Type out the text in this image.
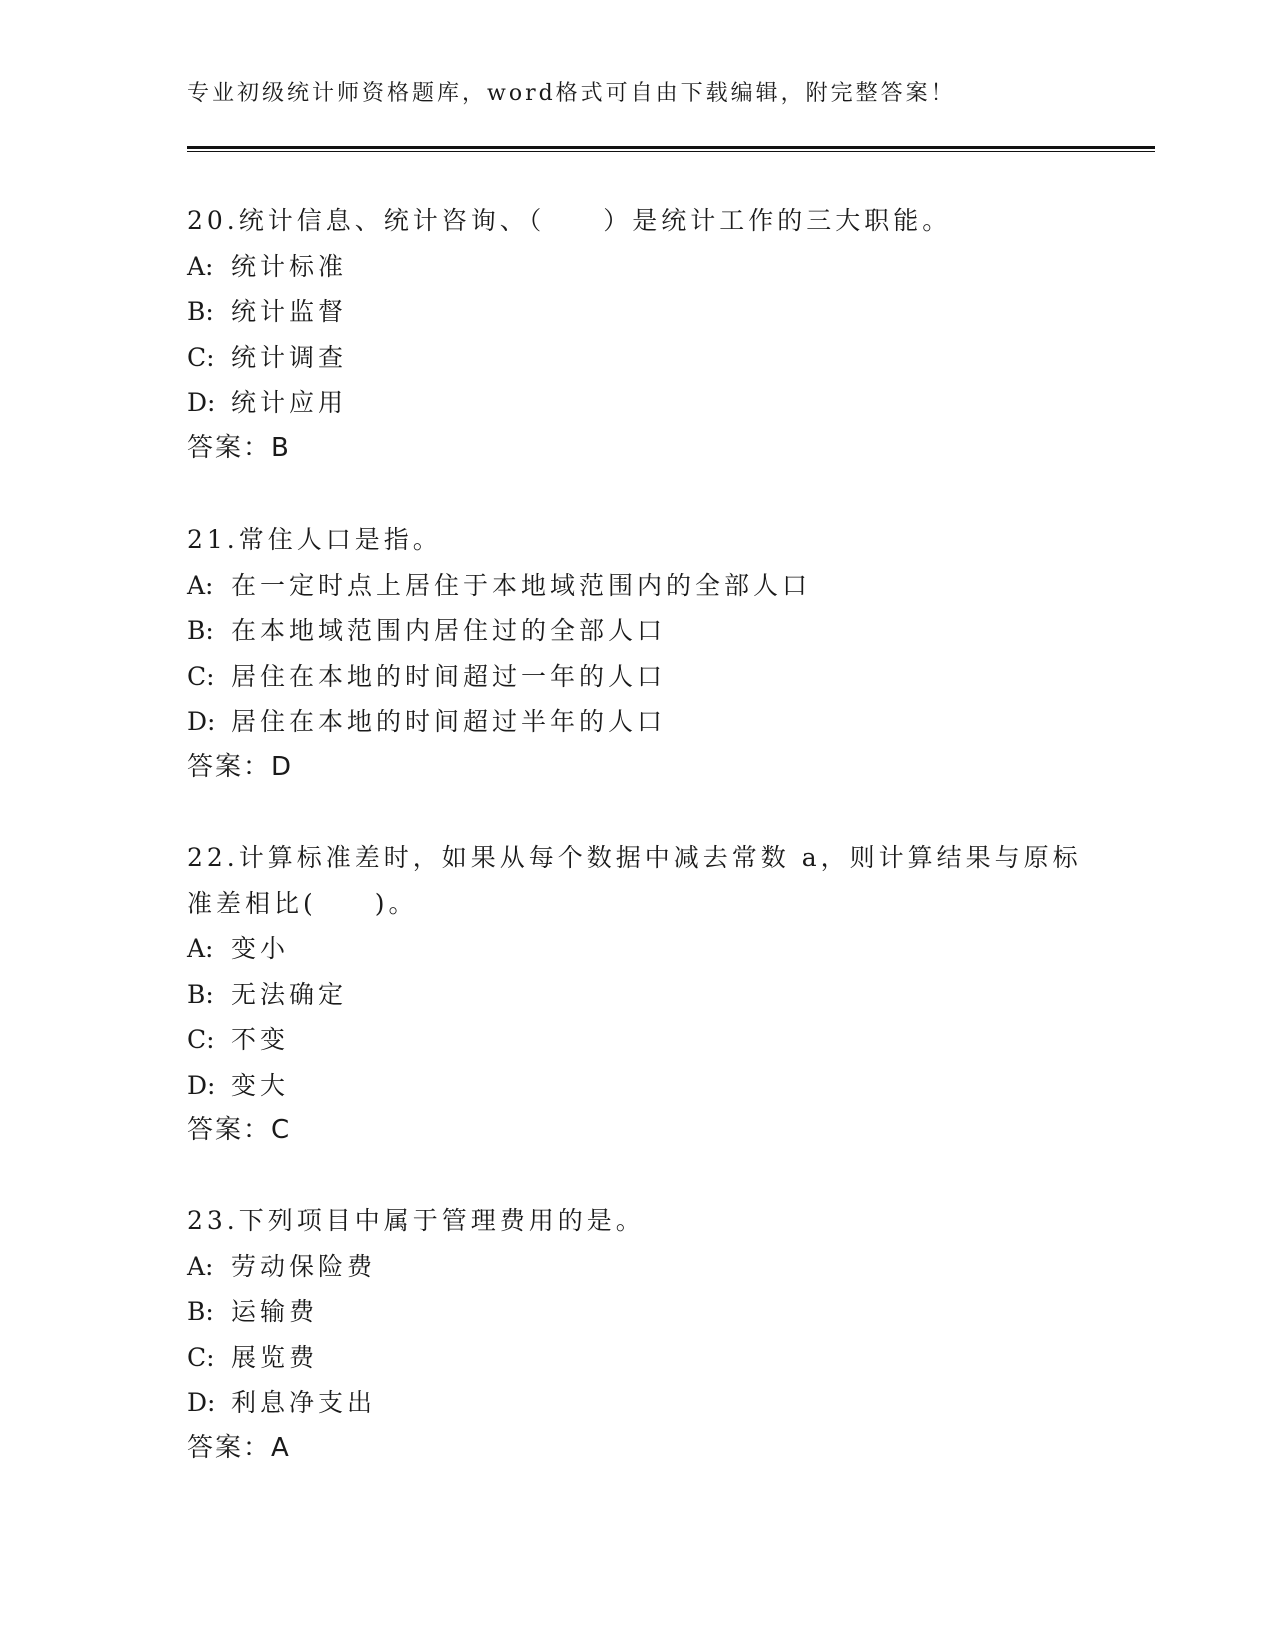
专业初级统计师资格题库，word格式可自由下载编辑，附完整答案！
20.统计信息、统计咨询、（　　）是统计工作的三大职能。
A: 统计标准
B: 统计监督
C: 统计调查
D: 统计应用
答案：B
21.常住人口是指。
A: 在一定时点上居住于本地域范围内的全部人口
B: 在本地域范围内居住过的全部人口
C: 居住在本地的时间超过一年的人口
D: 居住在本地的时间超过半年的人口
答案：D
22.计算标准差时，如果从每个数据中减去常数 a，则计算结果与原标
准差相比(　　)。
A: 变小
B: 无法确定
C: 不变
D: 变大
答案：C
23.下列项目中属于管理费用的是。
A: 劳动保险费
B: 运输费
C: 展览费
D: 利息净支出
答案：A
